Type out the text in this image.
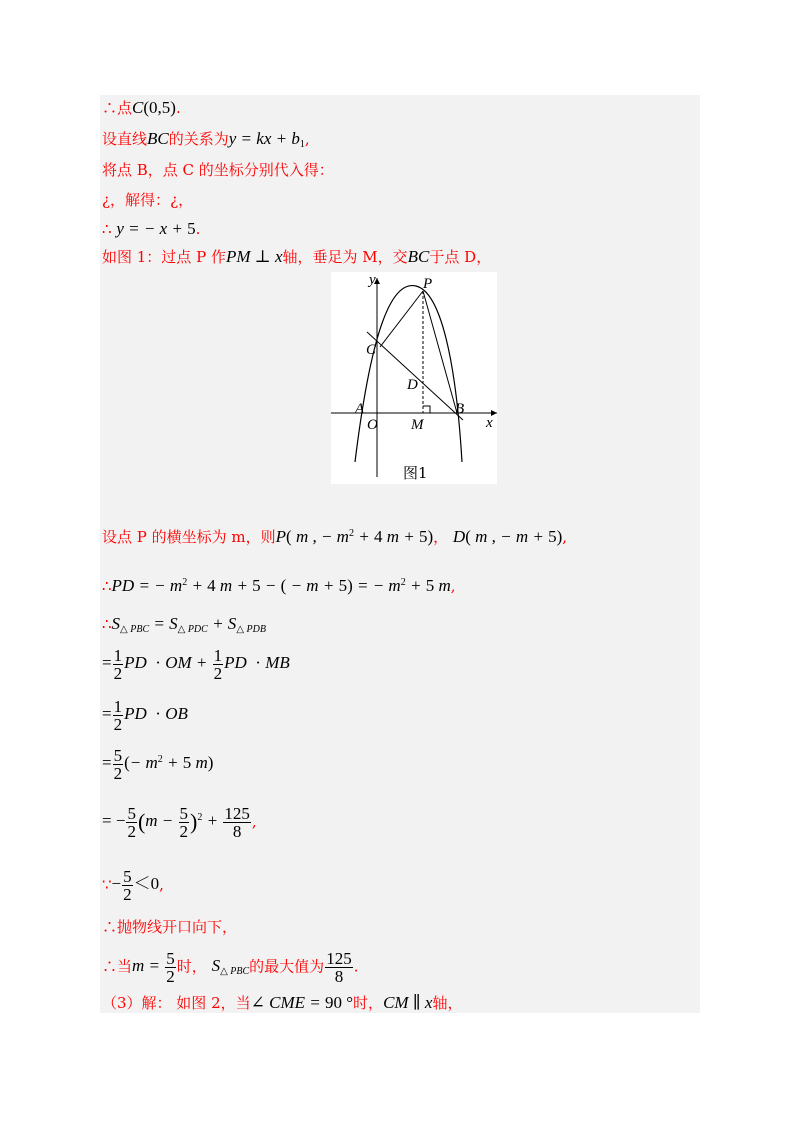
∴点C(0,5).
设直线BC的关系为y = kx + $b_1$,
将点 B，点 C 的坐标分别代入得：
¿，解得：¿，
∴ y = − x + 5.
如图 1：过点 P 作PM ⊥ x轴，垂足为 M，交BC于点 D，
y	P
C
D
A
O M
B
x
图1
设点 P 的横坐标为 m，则P( m , − $m^2 + 4$ m + 5)， D( m , − m + 5),
∴PD = − $m^2 + 4$ m + 5 − ( − m + 5) = − $m^2 + 5$ m,
$\therefore S_\triangle$ $_{PBC} = S_\triangle$ $_{PDC} + S_\triangle$ $_{PDB}$
= $\frac{1}{2}$ PD  · OM + $\frac{1}{2}$ PD  · MB
= $\frac{1}{2}$ PD  · OB
= $\frac{5}{2}$ (− $m^2 + 5$ m)
= − $\frac{5}{2} (m - \frac{5}{2} )^2 + \frac{125}{8}$ ,
∵− $\frac{5}{2} <0$,
∴抛物线开口向下，
∴当$m = \frac{5}{2}$ 时， $S_\triangle$ $_{PBC}$的最大值为 $\frac{125}{8}$ .
（3）解： 如图 2，当∠ CME = 90 °时，CM ∥ x轴，
